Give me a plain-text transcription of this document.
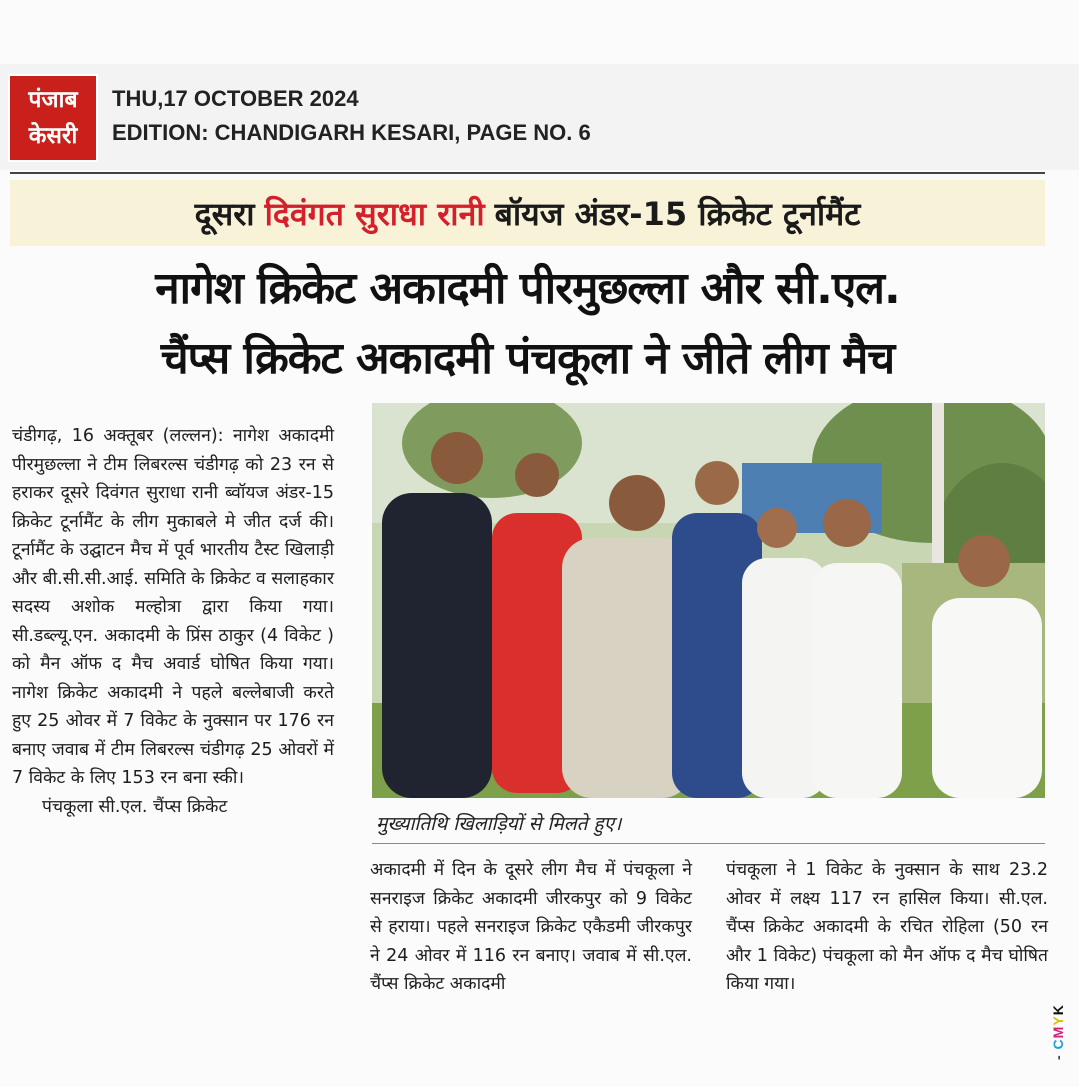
पंजाब
केसरी
THU,17 OCTOBER 2024
EDITION: CHANDIGARH KESARI, PAGE NO. 6
दूसरा दिवंगत सुराधा रानी बॉयज अंडर-15 क्रिकेट टूर्नामैंट
नागेश क्रिकेट अकादमी पीरमुछल्ला और सी.एल.
चैंप्स क्रिकेट अकादमी पंचकूला ने जीते लीग मैच

चंडीगढ़, 16 अक्तूबर (लल्लन): नागेश अकादमी पीरमुछल्ला ने टीम लिबरल्स चंडीगढ़ को 23 रन से हराकर दूसरे दिवंगत सुराधा रानी ब्वॉयज अंडर-15 क्रिकेट टूर्नामैंट के लीग मुकाबले मे जीत दर्ज की। टूर्नामैंट के उद्घाटन मैच में पूर्व भारतीय टैस्ट खिलाड़ी और बी.सी.सी.आई. समिति के क्रिकेट व सलाहकार सदस्य अशोक मल्होत्रा द्वारा किया गया। सी.डब्ल्यू.एन. अकादमी के प्रिंस ठाकुर (4 विकेट ) को मैन ऑफ द मैच अवार्ड घोषित किया गया। नागेश क्रिकेट अकादमी ने पहले बल्लेबाजी करते हुए 25 ओवर में 7 विकेट के नुक्सान पर 176 रन बनाए जवाब में टीम लिबरल्स चंडीगढ़ 25 ओवरों में 7 विकेट के लिए 153 रन बना स्की।

पंचकूला सी.एल. चैंप्स क्रिकेट

मुख्यातिथि खिलाड़ियों से मिलते हुए।

अकादमी में दिन के दूसरे लीग मैच में पंचकूला ने सनराइज क्रिकेट अकादमी जीरकपुर को 9 विकेट से हराया। पहले सनराइज क्रिकेट एकैडमी जीरकपुर ने 24 ओवर में 116 रन बनाए। जवाब में सी.एल. चैंप्स क्रिकेट अकादमी

पंचकूला ने 1 विकेट के नुक्सान के साथ 23.2 ओवर में लक्ष्य 117 रन हासिल किया। सी.एल. चैंप्स क्रिकेट अकादमी के रचित रोहिला (50 रन और 1 विकेट) पंचकूला को मैन ऑफ द मैच घोषित किया गया।

- CMYK
